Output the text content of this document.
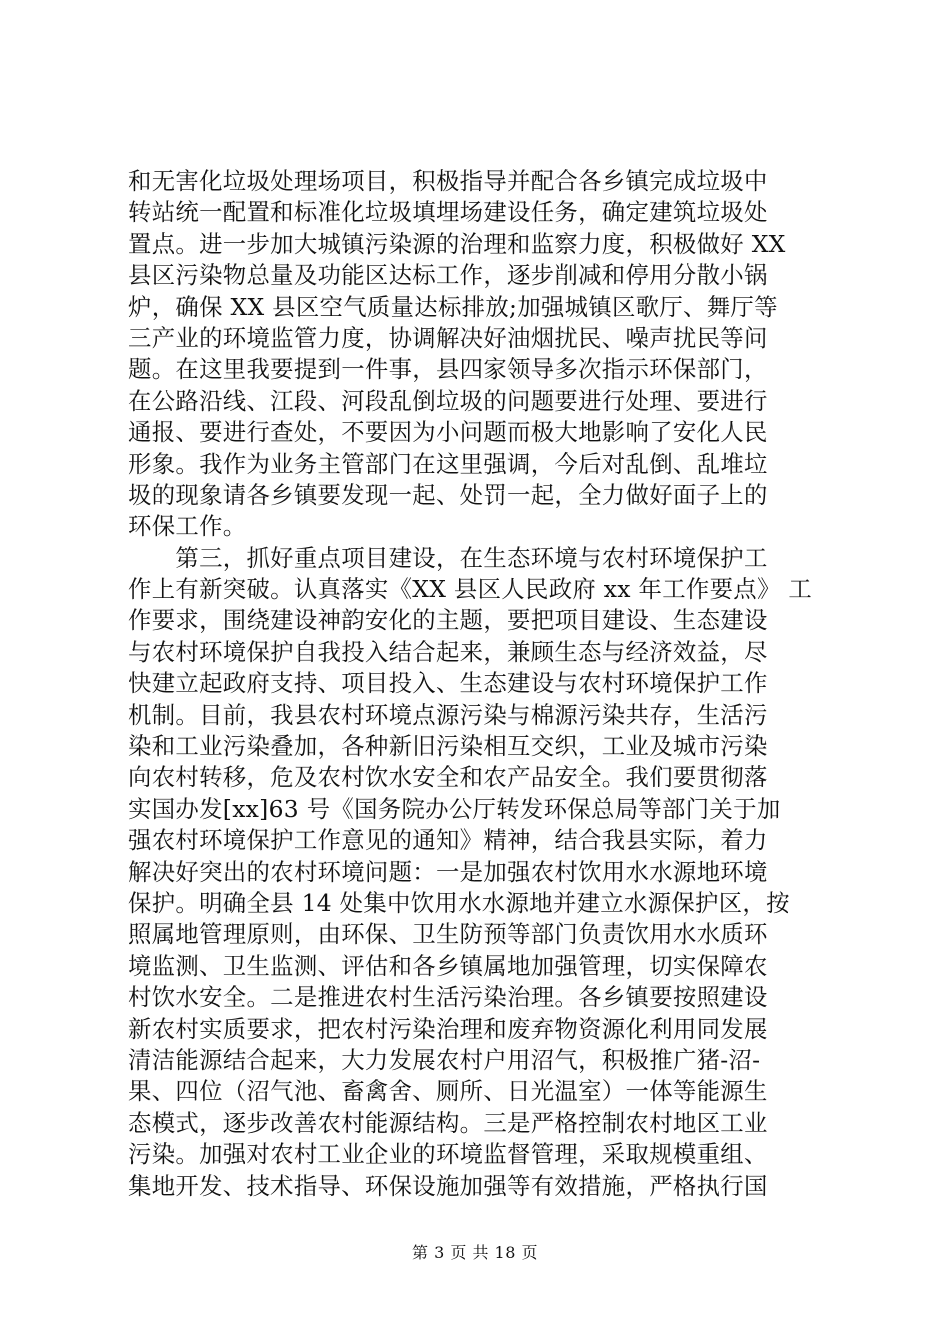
和无害化垃圾处理场项目，积极指导并配合各乡镇完成垃圾中
转站统一配置和标准化垃圾填埋场建设任务，确定建筑垃圾处
置点。进一步加大城镇污染源的治理和监察力度，积极做好 XX
县区污染物总量及功能区达标工作，逐步削减和停用分散小锅
炉，确保 XX 县区空气质量达标排放;加强城镇区歌厅、舞厅等
三产业的环境监管力度，协调解决好油烟扰民、噪声扰民等问
题。在这里我要提到一件事，县四家领导多次指示环保部门，
在公路沿线、江段、河段乱倒垃圾的问题要进行处理、要进行
通报、要进行查处，不要因为小问题而极大地影响了安化人民
形象。我作为业务主管部门在这里强调，今后对乱倒、乱堆垃
圾的现象请各乡镇要发现一起、处罚一起，全力做好面子上的
环保工作。
　　第三，抓好重点项目建设，在生态环境与农村环境保护工
作上有新突破。认真落实《XX 县区人民政府 xx 年工作要点》 工
作要求，围绕建设神韵安化的主题，要把项目建设、生态建设
与农村环境保护自我投入结合起来，兼顾生态与经济效益，尽
快建立起政府支持、项目投入、生态建设与农村环境保护工作
机制。目前，我县农村环境点源污染与棉源污染共存，生活污
染和工业污染叠加，各种新旧污染相互交织，工业及城市污染
向农村转移，危及农村饮水安全和农产品安全。我们要贯彻落
实国办发[xx]63 号《国务院办公厅转发环保总局等部门关于加
强农村环境保护工作意见的通知》精神，结合我县实际，着力
解决好突出的农村环境问题：一是加强农村饮用水水源地环境
保护。明确全县 14 处集中饮用水水源地并建立水源保护区，按
照属地管理原则，由环保、卫生防预等部门负责饮用水水质环
境监测、卫生监测、评估和各乡镇属地加强管理，切实保障农
村饮水安全。二是推进农村生活污染治理。各乡镇要按照建设
新农村实质要求，把农村污染治理和废弃物资源化利用同发展
清洁能源结合起来，大力发展农村户用沼气，积极推广猪-沼-
果、四位（沼气池、畜禽舍、厕所、日光温室）一体等能源生
态模式，逐步改善农村能源结构。三是严格控制农村地区工业
污染。加强对农村工业企业的环境监督管理，采取规模重组、
集地开发、技术指导、环保设施加强等有效措施，严格执行国
第 3 页 共 18 页
